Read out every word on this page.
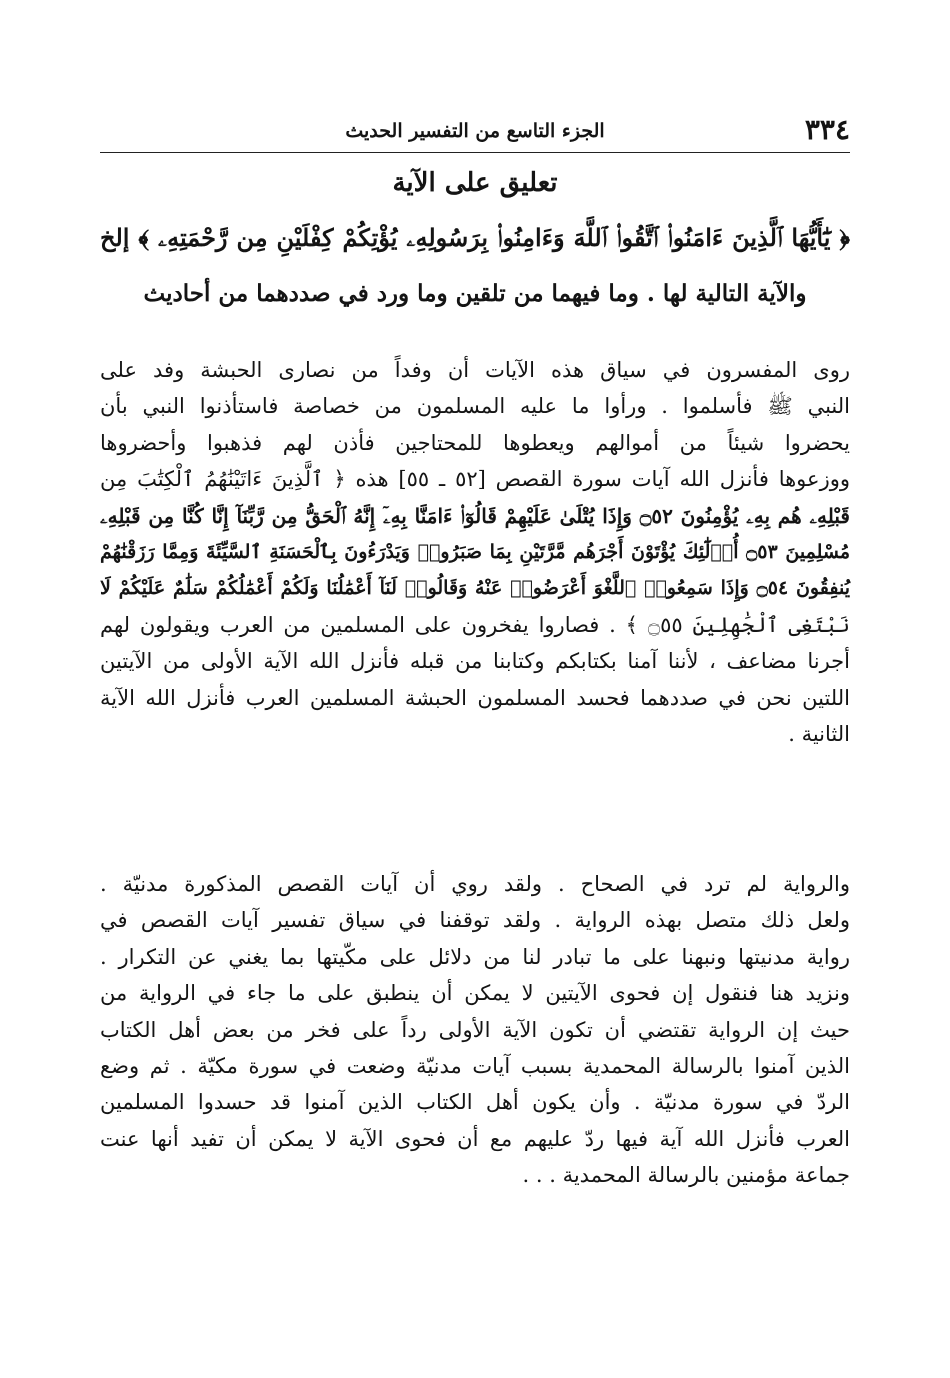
٣٣٤
الجزء التاسع من التفسير الحديث
تعليق على الآية
﴿ يَٰٓأَيُّهَا ٱلَّذِينَ ءَامَنُوا۟ ٱتَّقُوا۟ ٱللَّهَ وَءَامِنُوا۟ بِرَسُولِهِۦ يُؤْتِكُمْ كِفْلَيْنِ مِن رَّحْمَتِهِۦ ﴾ إلخ
والآية التالية لها . وما فيهما من تلقين وما ورد في صددهما من أحاديث
روى المفسرون في سياق هذه الآيات أن وفداً من نصارى الحبشة وفد على
النبي ﷺ فأسلموا . ورأوا ما عليه المسلمون من خصاصة فاستأذنوا النبي بأن
يحضروا شيئاً من أموالهم ويعطوها للمحتاجين فأذن لهم فذهبوا وأحضروها
ووزعوها فأنزل الله آيات سورة القصص [٥٢ ـ ٥٥] هذه ﴿ ٱلَّذِينَ ءَاتَيْنَٰهُمُ ٱلْكِتَٰبَ مِن
قَبْلِهِۦ هُم بِهِۦ يُؤْمِنُونَ ۝٥٢ وَإِذَا يُتْلَىٰ عَلَيْهِمْ قَالُوٓا۟ ءَامَنَّا بِهِۦٓ إِنَّهُ ٱلْحَقُّ مِن رَّبِّنَآ إِنَّا كُنَّا مِن قَبْلِهِۦ
مُسْلِمِينَ ۝٥٣ أُو۟لَٰٓئِكَ يُؤْتَوْنَ أَجْرَهُم مَّرَّتَيْنِ بِمَا صَبَرُوا۟ وَيَدْرَءُونَ بِٱلْحَسَنَةِ ٱلسَّيِّئَةَ وَمِمَّا رَزَقْنَٰهُمْ
يُنفِقُونَ ۝٥٤ وَإِذَا سَمِعُوا۟ ٱللَّغْوَ أَعْرَضُوا۟ عَنْهُ وَقَالُوا۟ لَنَآ أَعْمَٰلُنَا وَلَكُمْ أَعْمَٰلُكُمْ سَلَٰمٌ عَلَيْكُمْ لَا
نَبْتَغِى ٱلْجَٰهِلِينَ ۝٥٥ ﴾ . فصاروا يفخرون على المسلمين من العرب ويقولون لهم
أجرنا مضاعف ، لأننا آمنا بكتابكم وكتابنا من قبله فأنزل الله الآية الأولى من الآيتين
اللتين نحن في صددهما فحسد المسلمون الحبشة المسلمين العرب فأنزل الله الآية
الثانية .
والرواية لم ترد في الصحاح . ولقد روي أن آيات القصص المذكورة مدنيّة .
ولعل ذلك متصل بهذه الرواية . ولقد توقفنا في سياق تفسير آيات القصص في
رواية مدنيتها ونبهنا على ما تبادر لنا من دلائل على مكّيتها بما يغني عن التكرار .
ونزيد هنا فنقول إن فحوى الآيتين لا يمكن أن ينطبق على ما جاء في الرواية من
حيث إن الرواية تقتضي أن تكون الآية الأولى رداً على فخر من بعض أهل الكتاب
الذين آمنوا بالرسالة المحمدية بسبب آيات مدنيّة وضعت في سورة مكيّة . ثم وضع
الردّ في سورة مدنيّة . وأن يكون أهل الكتاب الذين آمنوا قد حسدوا المسلمين
العرب فأنزل الله آية فيها ردّ عليهم مع أن فحوى الآية لا يمكن أن تفيد أنها عنت
جماعة مؤمنين بالرسالة المحمدية . . .
